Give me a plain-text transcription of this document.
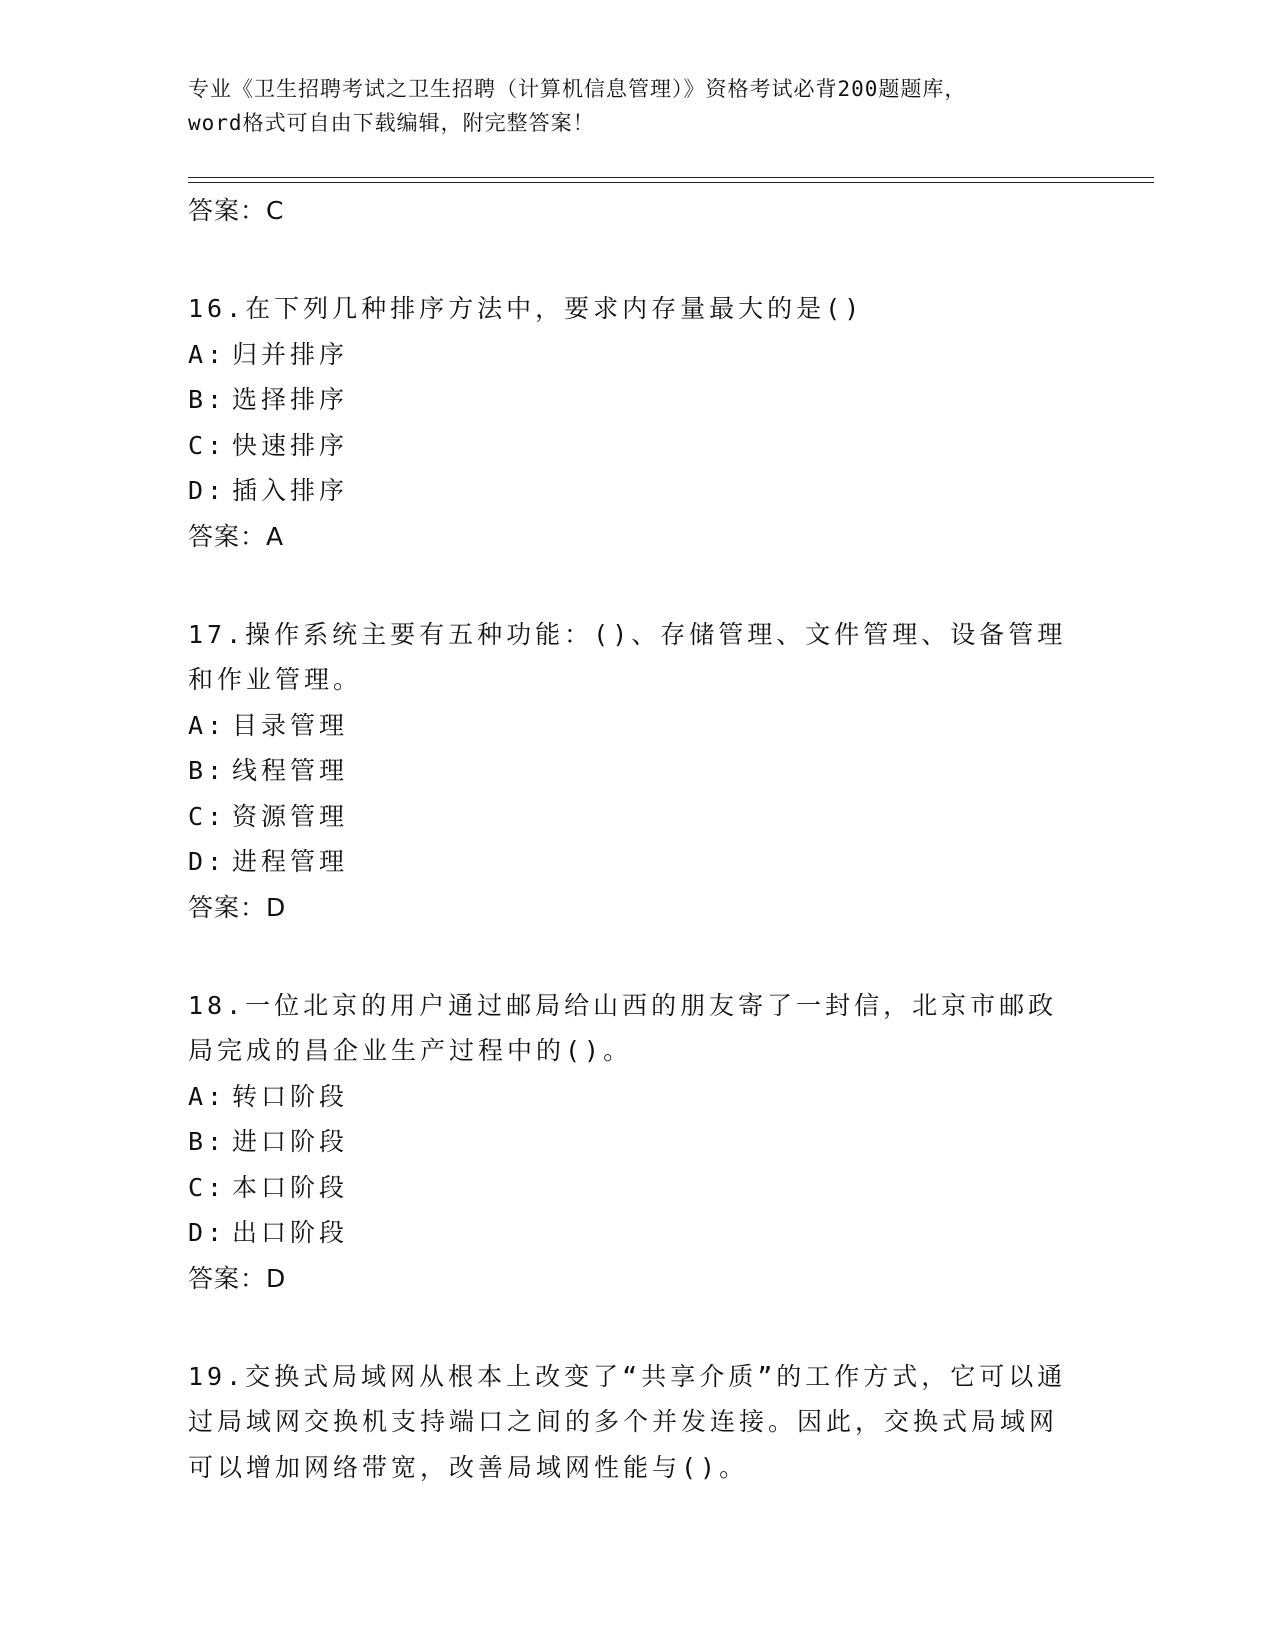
专业《卫生招聘考试之卫生招聘（计算机信息管理）》资格考试必背200题题库，
word格式可自由下载编辑，附完整答案！
答案：C
16.在下列几种排序方法中，要求内存量最大的是()
A: 归并排序
B: 选择排序
C: 快速排序
D: 插入排序
答案：A
17.操作系统主要有五种功能：()、存储管理、文件管理、设备管理和作业管理。
A: 目录管理
B: 线程管理
C: 资源管理
D: 进程管理
答案：D
18.一位北京的用户通过邮局给山西的朋友寄了一封信，北京市邮政局完成的昌企业生产过程中的()。
A: 转口阶段
B: 进口阶段
C: 本口阶段
D: 出口阶段
答案：D
19.交换式局域网从根本上改变了“共享介质”的工作方式，它可以通过局域网交换机支持端口之间的多个并发连接。因此，交换式局域网可以增加网络带宽，改善局域网性能与()。
